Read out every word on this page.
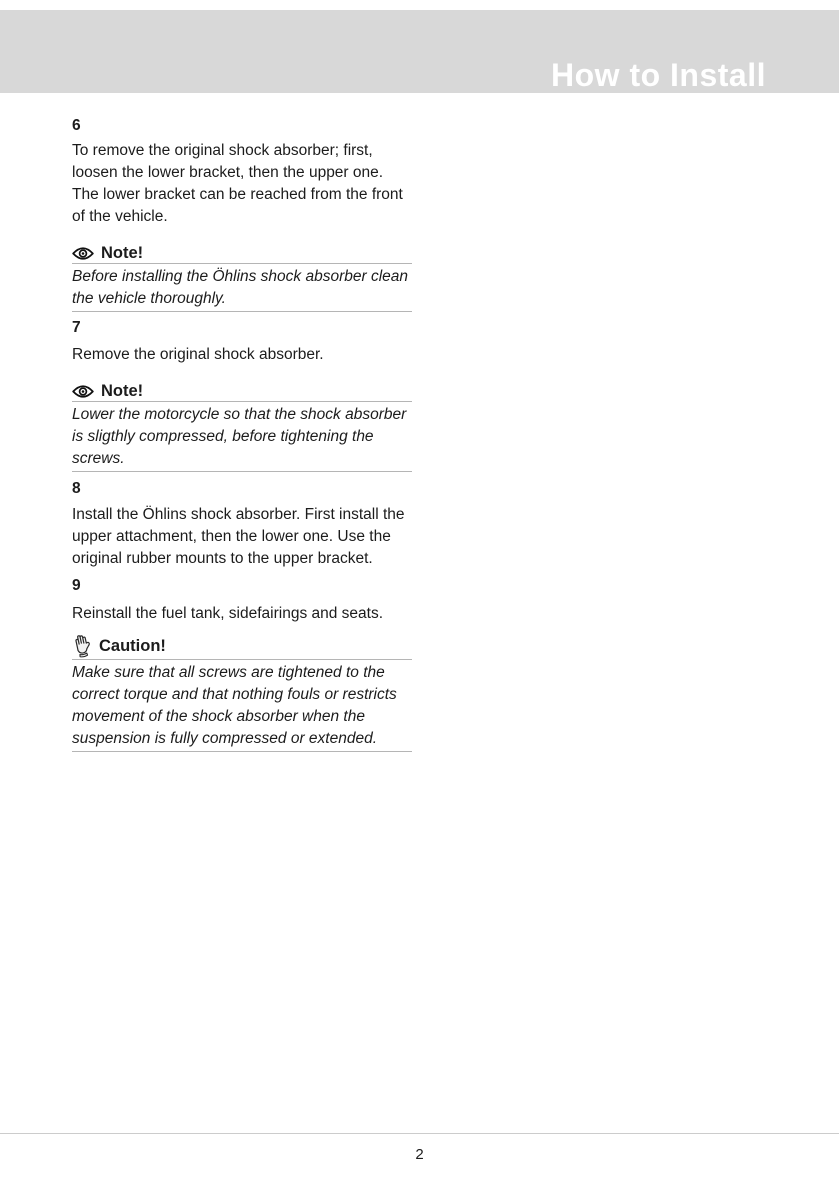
How to Install
6
To remove the original shock absorber; first, loosen the lower bracket, then the upper one. The lower bracket can be reached from the front of the vehicle.
Note!
Before installing the Öhlins shock absorber clean the vehicle thoroughly.
7
Remove the original shock absorber.
Note!
Lower the motorcycle so that the shock absorber is sligthly compressed, before tightening the screws.
8
Install the Öhlins shock absorber. First install the upper attachment, then the lower one. Use the original rubber mounts to the upper bracket.
9
Reinstall the fuel tank, sidefairings and seats.
Caution!
Make sure that all screws are tightened to the correct torque and that nothing fouls or restricts movement of the shock absorber when the suspension is fully compressed or extended.
2
